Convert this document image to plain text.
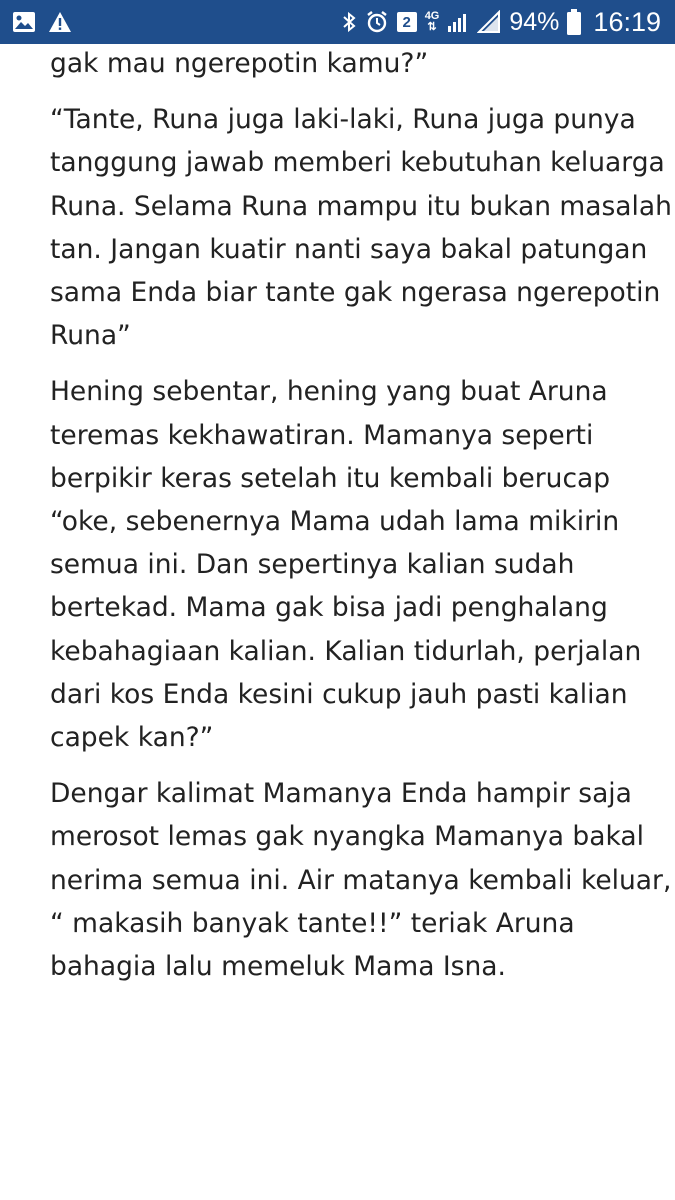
2	4G
⇅	94% 16:19

gak mau ngerepotin kamu?”

“Tante, Runa juga laki-laki, Runa juga punya
tanggung jawab memberi kebutuhan keluarga
Runa. Selama Runa mampu itu bukan masalah
tan. Jangan kuatir nanti saya bakal patungan
sama Enda biar tante gak ngerasa ngerepotin
Runa”

Hening sebentar, hening yang buat Aruna
teremas kekhawatiran. Mamanya seperti
berpikir keras setelah itu kembali berucap
“oke, sebenernya Mama udah lama mikirin
semua ini. Dan sepertinya kalian sudah
bertekad. Mama gak bisa jadi penghalang
kebahagiaan kalian. Kalian tidurlah, perjalan
dari kos Enda kesini cukup jauh pasti kalian
capek kan?”

Dengar kalimat Mamanya Enda hampir saja
merosot lemas gak nyangka Mamanya bakal
nerima semua ini. Air matanya kembali keluar,
“ makasih banyak tante!!” teriak Aruna
bahagia lalu memeluk Mama Isna.
